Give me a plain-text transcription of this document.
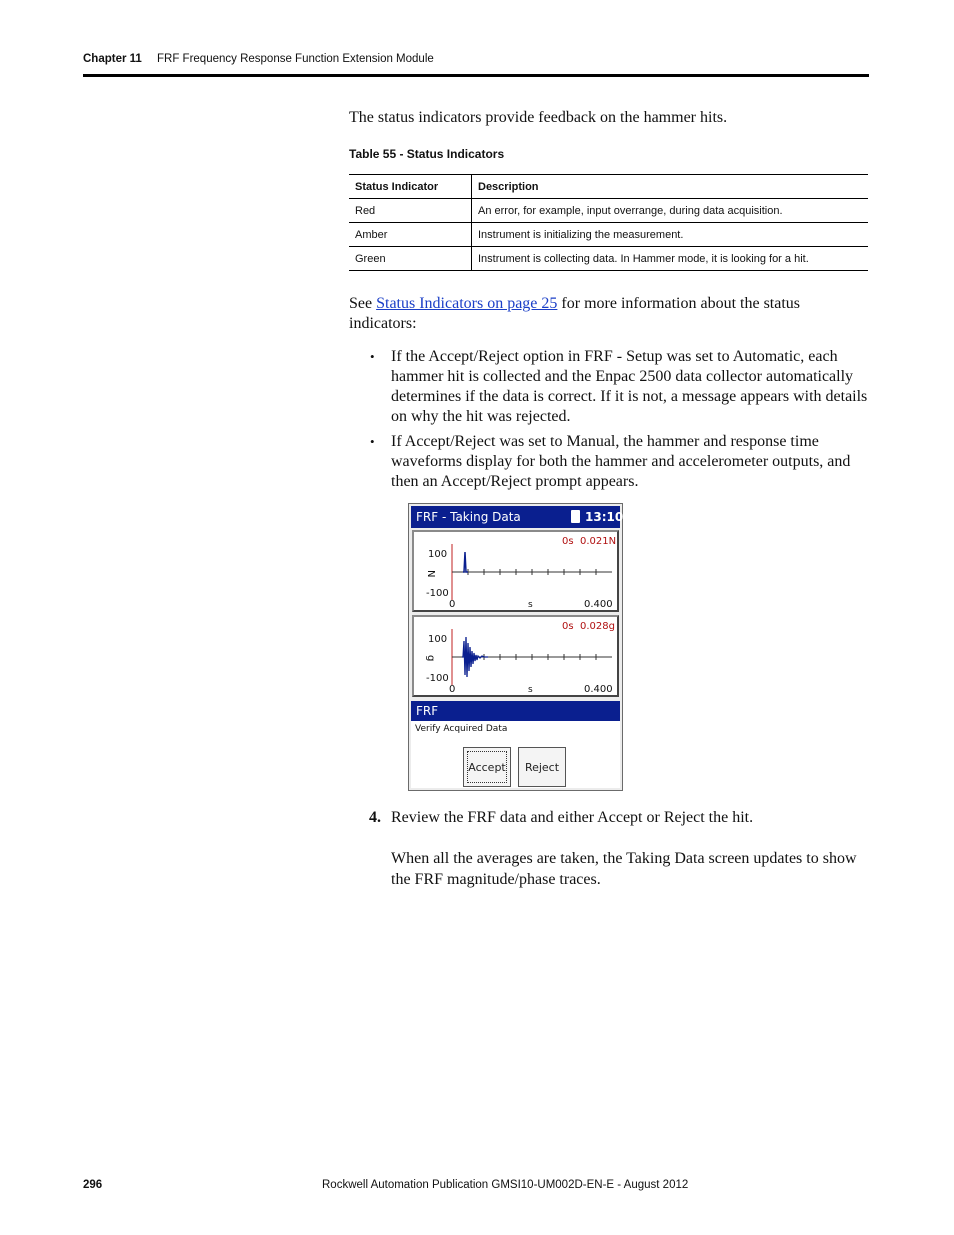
Chapter 11 FRF Frequency Response Function Extension Module
The status indicators provide feedback on the hammer hits.
Table 55 - Status Indicators
Status Indicator	Description
Red	An error, for example, input overrange, during data acquisition.
Amber	Instrument is initializing the measurement.
Green	Instrument is collecting data. In Hammer mode, it is looking for a hit.
See Status Indicators on page 25 for more information about the status indicators:
• If the Accept/Reject option in FRF - Setup was set to Automatic, each hammer hit is collected and the Enpac 2500 data collector automatically determines if the data is correct. If it is not, a message appears with details on why the hit was rejected.
• If Accept/Reject was set to Manual, the hammer and response time waveforms display for both the hammer and accelerometer outputs, and then an Accept/Reject prompt appears.
FRF - Taking Data	13:10
0s 0.021N
100
-100
N
0	s	0.400
0s 0.028g
100
-100
g
0	s	0.400
FRF
Verify Acquired Data
Accept	Reject
4. Review the FRF data and either Accept or Reject the hit.
When all the averages are taken, the Taking Data screen updates to show the FRF magnitude/phase traces.
296	Rockwell Automation Publication GMSI10-UM002D-EN-E - August 2012
